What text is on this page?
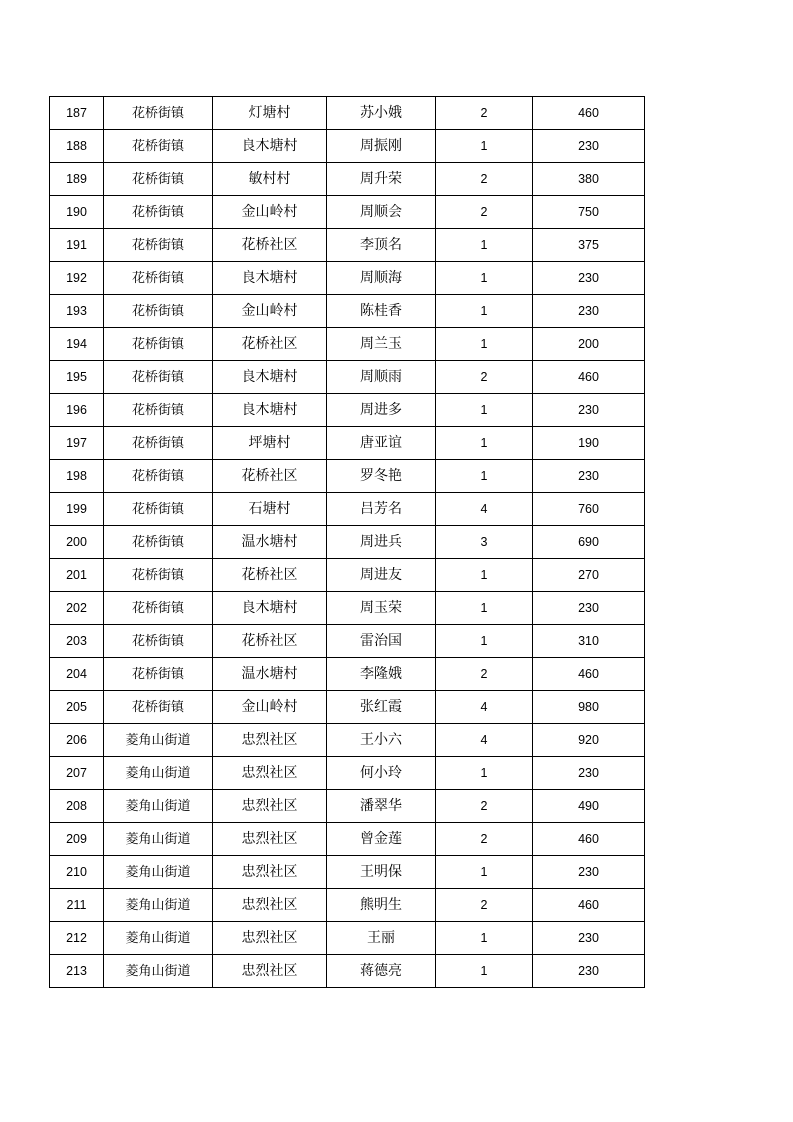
187	花桥街镇	灯塘村	苏小娥	2	460
188	花桥街镇	良木塘村	周振刚	1	230
189	花桥街镇	敏村村	周升荣	2	380
190	花桥街镇	金山岭村	周顺会	2	750
191	花桥街镇	花桥社区	李顶名	1	375
192	花桥街镇	良木塘村	周顺海	1	230
193	花桥街镇	金山岭村	陈桂香	1	230
194	花桥街镇	花桥社区	周兰玉	1	200
195	花桥街镇	良木塘村	周顺雨	2	460
196	花桥街镇	良木塘村	周进多	1	230
197	花桥街镇	坪塘村	唐亚谊	1	190
198	花桥街镇	花桥社区	罗冬艳	1	230
199	花桥街镇	石塘村	吕芳名	4	760
200	花桥街镇	温水塘村	周进兵	3	690
201	花桥街镇	花桥社区	周进友	1	270
202	花桥街镇	良木塘村	周玉荣	1	230
203	花桥街镇	花桥社区	雷治国	1	310
204	花桥街镇	温水塘村	李隆娥	2	460
205	花桥街镇	金山岭村	张红霞	4	980
206	菱角山街道	忠烈社区	王小六	4	920
207	菱角山街道	忠烈社区	何小玲	1	230
208	菱角山街道	忠烈社区	潘翠华	2	490
209	菱角山街道	忠烈社区	曾金莲	2	460
210	菱角山街道	忠烈社区	王明保	1	230
211	菱角山街道	忠烈社区	熊明生	2	460
212	菱角山街道	忠烈社区	王丽	1	230
213	菱角山街道	忠烈社区	蒋德亮	1	230
